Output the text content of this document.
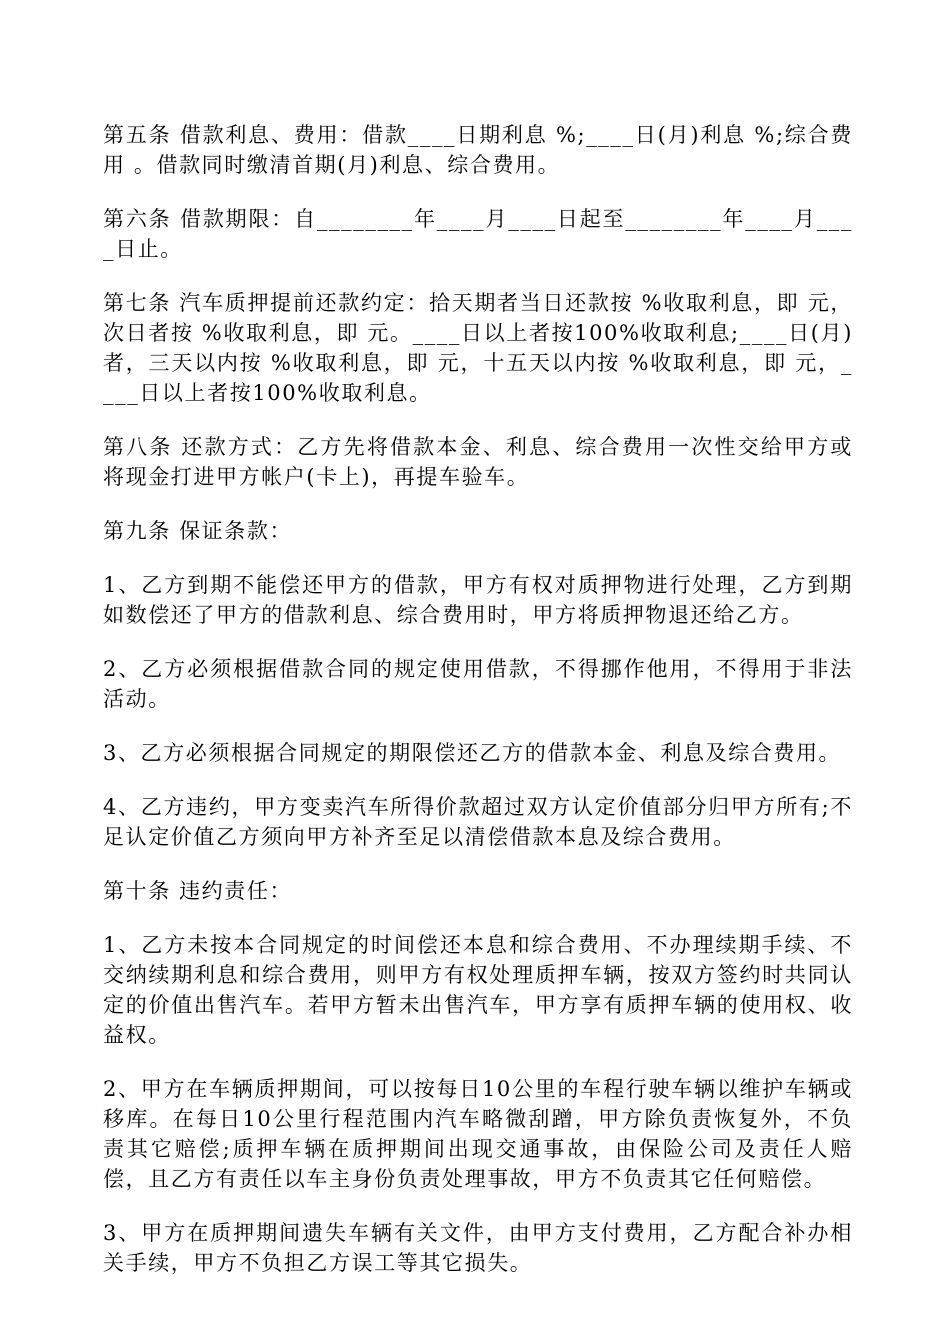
第五条 借款利息、费用：借款____日期利息 %;____日(月)利息 %;综合费用 。借款同时缴清首期(月)利息、综合费用。

第六条 借款期限：自________年____月____日起至________年____月____日止。

第七条 汽车质押提前还款约定：拾天期者当日还款按 %收取利息，即 元，次日者按 %收取利息，即 元。____日以上者按100%收取利息;____日(月)者，三天以内按 %收取利息，即 元，十五天以内按 %收取利息，即 元，____日以上者按100%收取利息。

第八条 还款方式：乙方先将借款本金、利息、综合费用一次性交给甲方或将现金打进甲方帐户(卡上)，再提车验车。

第九条 保证条款：

1、乙方到期不能偿还甲方的借款，甲方有权对质押物进行处理，乙方到期如数偿还了甲方的借款利息、综合费用时，甲方将质押物退还给乙方。

2、乙方必须根据借款合同的规定使用借款，不得挪作他用，不得用于非法活动。

3、乙方必须根据合同规定的期限偿还乙方的借款本金、利息及综合费用。

4、乙方违约，甲方变卖汽车所得价款超过双方认定价值部分归甲方所有;不足认定价值乙方须向甲方补齐至足以清偿借款本息及综合费用。

第十条 违约责任：

1、乙方未按本合同规定的时间偿还本息和综合费用、不办理续期手续、不交纳续期利息和综合费用，则甲方有权处理质押车辆，按双方签约时共同认定的价值出售汽车。若甲方暂未出售汽车，甲方享有质押车辆的使用权、收益权。

2、甲方在车辆质押期间，可以按每日10公里的车程行驶车辆以维护车辆或移库。在每日10公里行程范围内汽车略微刮蹭，甲方除负责恢复外，不负责其它赔偿;质押车辆在质押期间出现交通事故，由保险公司及责任人赔偿，且乙方有责任以车主身份负责处理事故，甲方不负责其它任何赔偿。

3、甲方在质押期间遗失车辆有关文件，由甲方支付费用，乙方配合补办相关手续，甲方不负担乙方误工等其它损失。
